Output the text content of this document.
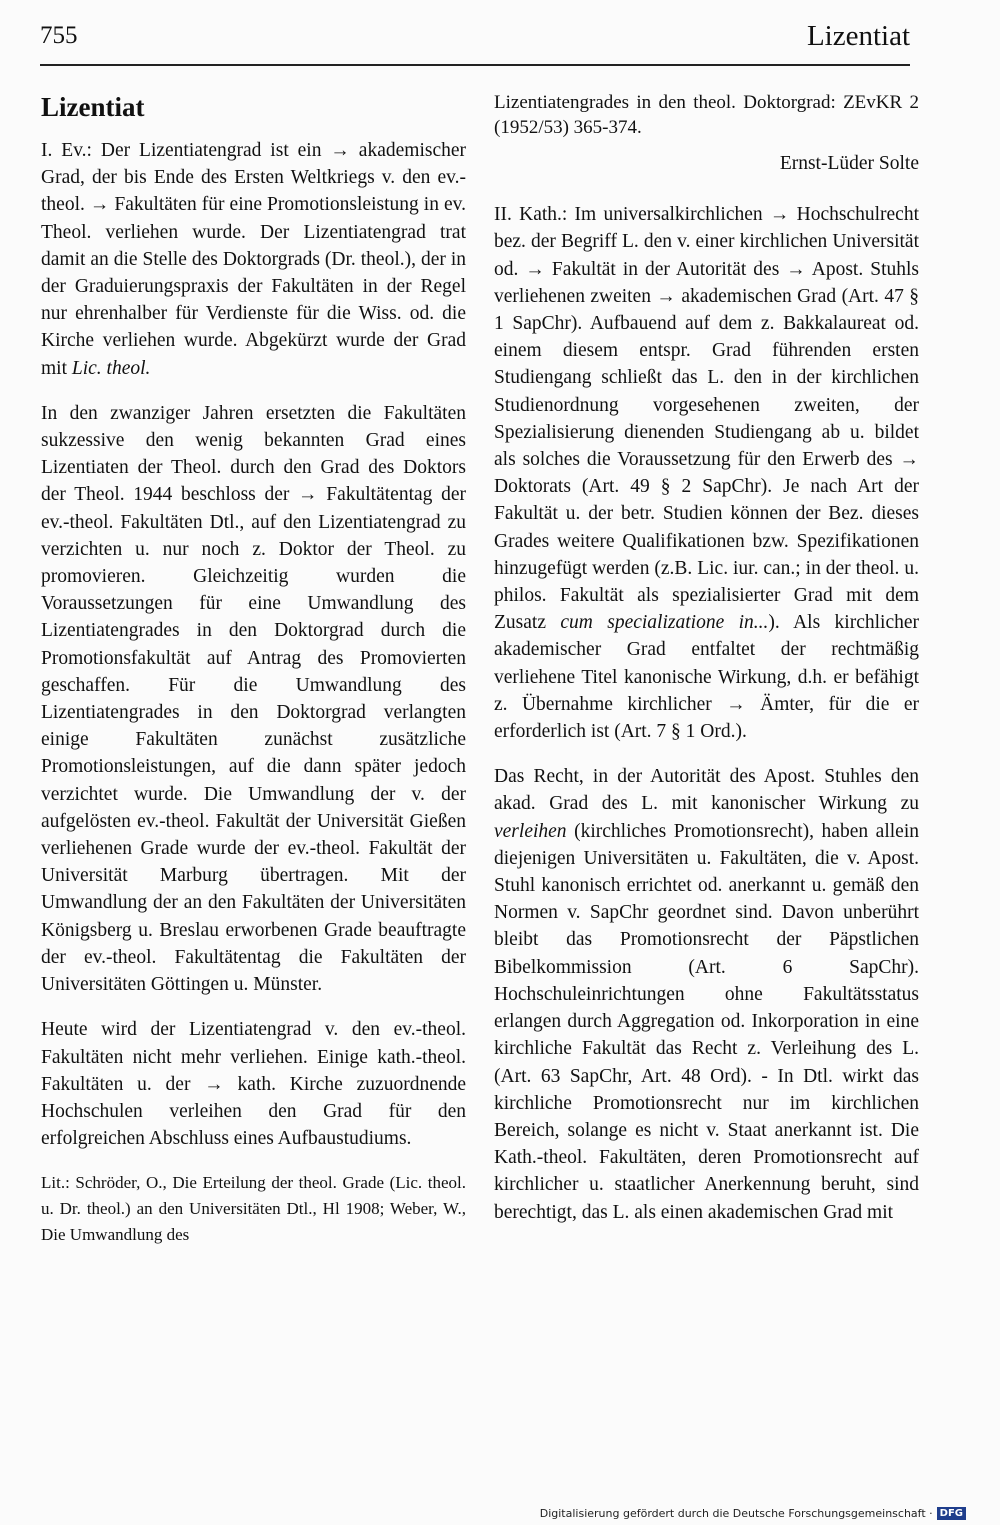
755	Lizentiat
Lizentiat

I. Ev.: Der Lizentiatengrad ist ein → akademischer Grad, der bis Ende des Ersten Weltkriegs v. den ev.-theol. → Fakultäten für eine Promotionsleistung in ev. Theol. verliehen wurde. Der Lizentiatengrad trat damit an die Stelle des Doktorgrads (Dr. theol.), der in der Graduierungspraxis der Fakultäten in der Regel nur ehrenhalber für Verdienste für die Wiss. od. die Kirche verliehen wurde. Abgekürzt wurde der Grad mit Lic. theol.

In den zwanziger Jahren ersetzten die Fakultäten sukzessive den wenig bekannten Grad eines Lizentiaten der Theol. durch den Grad des Doktors der Theol. 1944 beschloss der → Fakultätentag der ev.-theol. Fakultäten Dtl., auf den Lizentiatengrad zu verzichten u. nur noch z. Doktor der Theol. zu promovieren. Gleichzeitig wurden die Voraussetzungen für eine Umwandlung des Lizentiatengrades in den Doktorgrad durch die Promotionsfakultät auf Antrag des Promovierten geschaffen. Für die Umwandlung des Lizentiatengrades in den Doktorgrad verlangten einige Fakultäten zunächst zusätzliche Promotionsleistungen, auf die dann später jedoch verzichtet wurde. Die Umwandlung der v. der aufgelösten ev.-theol. Fakultät der Universität Gießen verliehenen Grade wurde der ev.-theol. Fakultät der Universität Marburg übertragen. Mit der Umwandlung der an den Fakultäten der Universitäten Königsberg u. Breslau erworbenen Grade beauftragte der ev.-theol. Fakultätentag die Fakultäten der Universitäten Göttingen u. Münster.

Heute wird der Lizentiatengrad v. den ev.-theol. Fakultäten nicht mehr verliehen. Einige kath.-theol. Fakultäten u. der → kath. Kirche zuzuordnende Hochschulen verleihen den Grad für den erfolgreichen Abschluss eines Aufbaustudiums.

Lit.: Schröder, O., Die Erteilung der theol. Grade (Lic. theol. u. Dr. theol.) an den Universitäten Dtl., Hl 1908; Weber, W., Die Umwandlung des

Lizentiatengrades in den theol. Doktorgrad: ZEvKR 2 (1952/53) 365-374.

Ernst-Lüder Solte

II. Kath.: Im universalkirchlichen → Hochschulrecht bez. der Begriff L. den v. einer kirchlichen Universität od. → Fakultät in der Autorität des → Apost. Stuhls verliehenen zweiten → akademischen Grad (Art. 47 § 1 SapChr). Aufbauend auf dem z. Bakkalaureat od. einem diesem entspr. Grad führenden ersten Studiengang schließt das L. den in der kirchlichen Studienordnung vorgesehenen zweiten, der Spezialisierung dienenden Studiengang ab u. bildet als solches die Voraussetzung für den Erwerb des → Doktorats (Art. 49 § 2 SapChr). Je nach Art der Fakultät u. der betr. Studien können der Bez. dieses Grades weitere Qualifikationen bzw. Spezifikationen hinzugefügt werden (z.B. Lic. iur. can.; in der theol. u. philos. Fakultät als spezialisierter Grad mit dem Zusatz cum specializatione in...). Als kirchlicher akademischer Grad entfaltet der rechtmäßig verliehene Titel kanonische Wirkung, d.h. er befähigt z. Übernahme kirchlicher → Ämter, für die er erforderlich ist (Art. 7 § 1 Ord.).

Das Recht, in der Autorität des Apost. Stuhles den akad. Grad des L. mit kanonischer Wirkung zu verleihen (kirchliches Promotionsrecht), haben allein diejenigen Universitäten u. Fakultäten, die v. Apost. Stuhl kanonisch errichtet od. anerkannt u. gemäß den Normen v. SapChr geordnet sind. Davon unberührt bleibt das Promotionsrecht der Päpstlichen Bibelkommission (Art. 6 SapChr). Hochschuleinrichtungen ohne Fakultätsstatus erlangen durch Aggregation od. Inkorporation in eine kirchliche Fakultät das Recht z. Verleihung des L. (Art. 63 SapChr, Art. 48 Ord). - In Dtl. wirkt das kirchliche Promotionsrecht nur im kirchlichen Bereich, solange es nicht v. Staat anerkannt ist. Die Kath.-theol. Fakultäten, deren Promotionsrecht auf kirchlicher u. staatlicher Anerkennung beruht, sind berechtigt, das L. als einen akademischen Grad mit

Digitalisierung gefördert durch die Deutsche Forschungsgemeinschaft · DFG
